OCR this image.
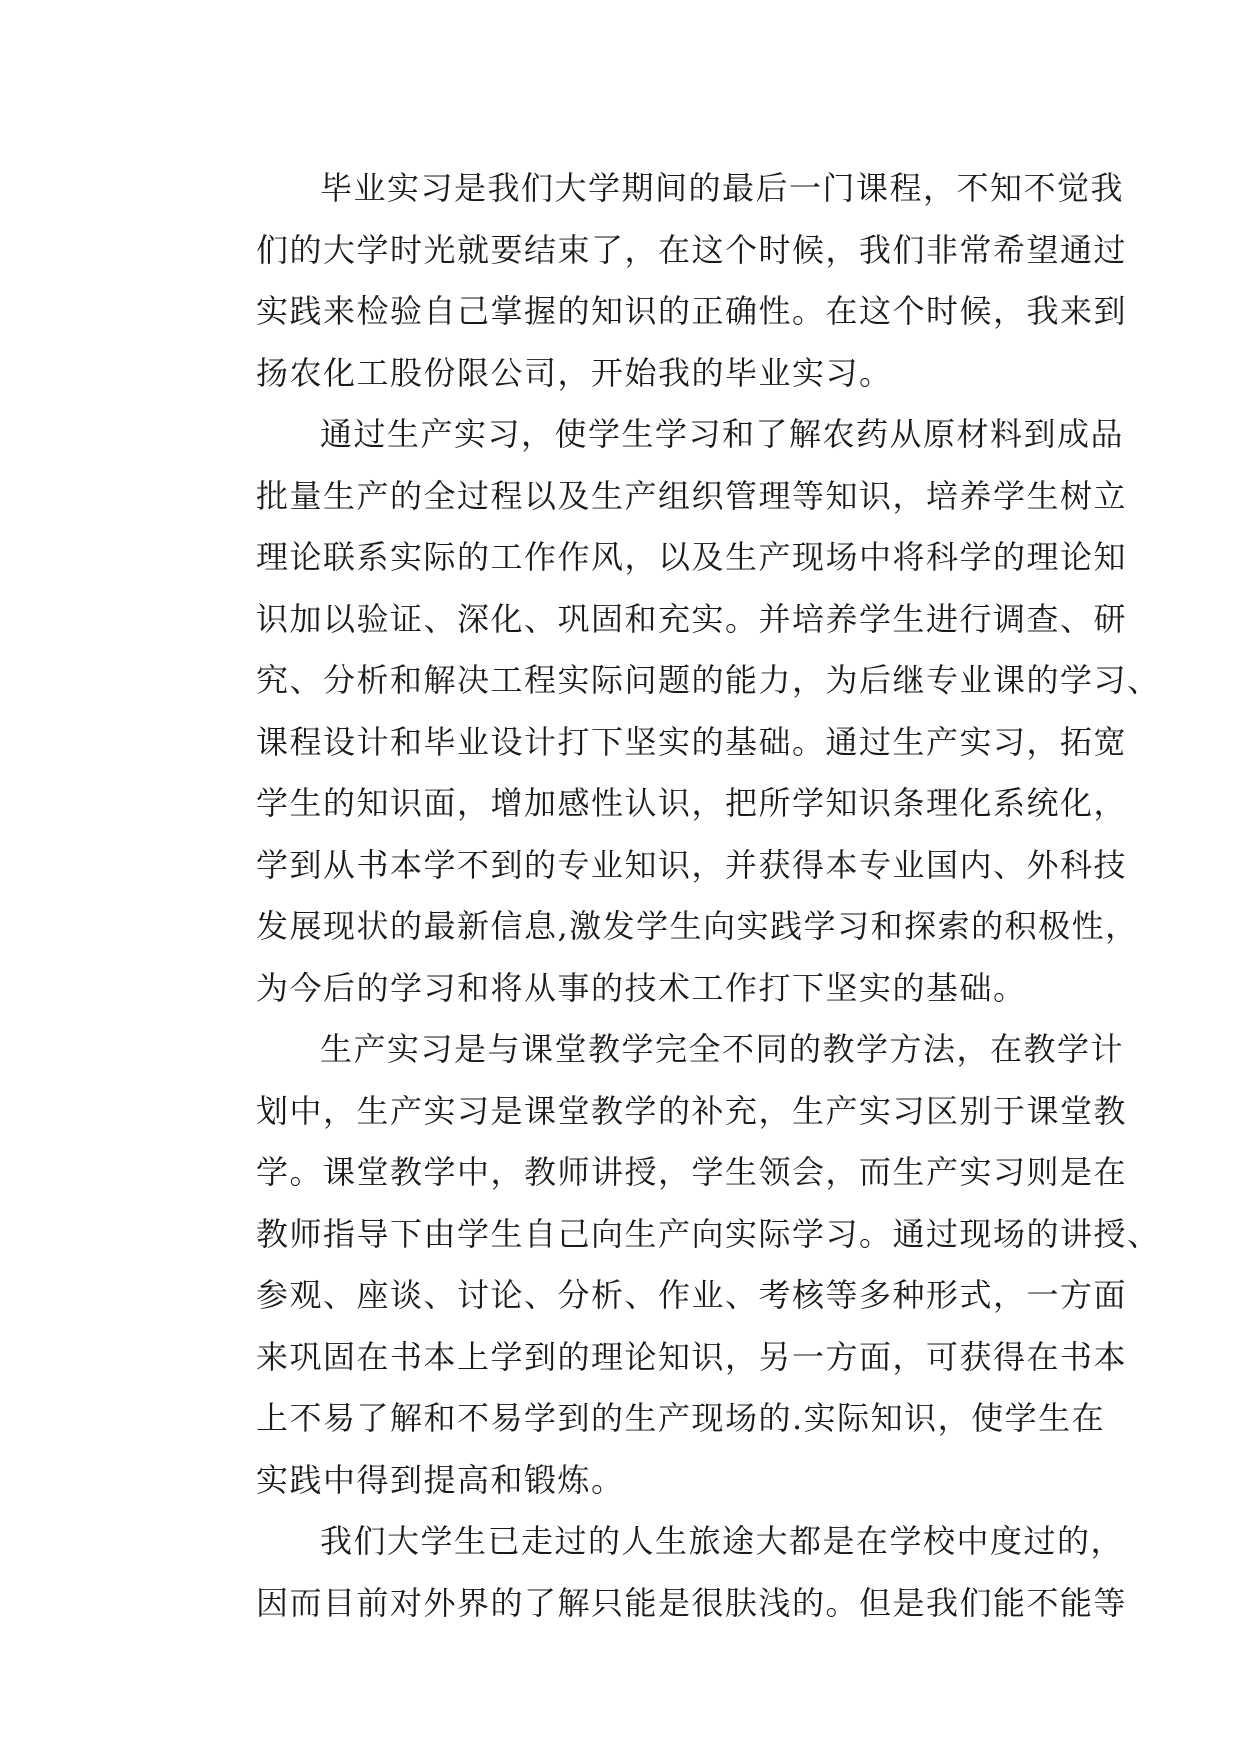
毕业实习是我们大学期间的最后一门课程，不知不觉我
们的大学时光就要结束了，在这个时候，我们非常希望通过
实践来检验自己掌握的知识的正确性。在这个时候，我来到
扬农化工股份限公司，开始我的毕业实习。
通过生产实习，使学生学习和了解农药从原材料到成品
批量生产的全过程以及生产组织管理等知识，培养学生树立
理论联系实际的工作作风，以及生产现场中将科学的理论知
识加以验证、深化、巩固和充实。并培养学生进行调查、研
究、分析和解决工程实际问题的能力，为后继专业课的学习、
课程设计和毕业设计打下坚实的基础。通过生产实习，拓宽
学生的知识面，增加感性认识，把所学知识条理化系统化，
学到从书本学不到的专业知识，并获得本专业国内、外科技
发展现状的最新信息,激发学生向实践学习和探索的积极性，
为今后的学习和将从事的技术工作打下坚实的基础。
生产实习是与课堂教学完全不同的教学方法，在教学计
划中，生产实习是课堂教学的补充，生产实习区别于课堂教
学。课堂教学中，教师讲授，学生领会，而生产实习则是在
教师指导下由学生自己向生产向实际学习。通过现场的讲授、
参观、座谈、讨论、分析、作业、考核等多种形式，一方面
来巩固在书本上学到的理论知识，另一方面，可获得在书本
上不易了解和不易学到的生产现场的.实际知识，使学生在
实践中得到提高和锻炼。
我们大学生已走过的人生旅途大都是在学校中度过的，
因而目前对外界的了解只能是很肤浅的。但是我们能不能等
